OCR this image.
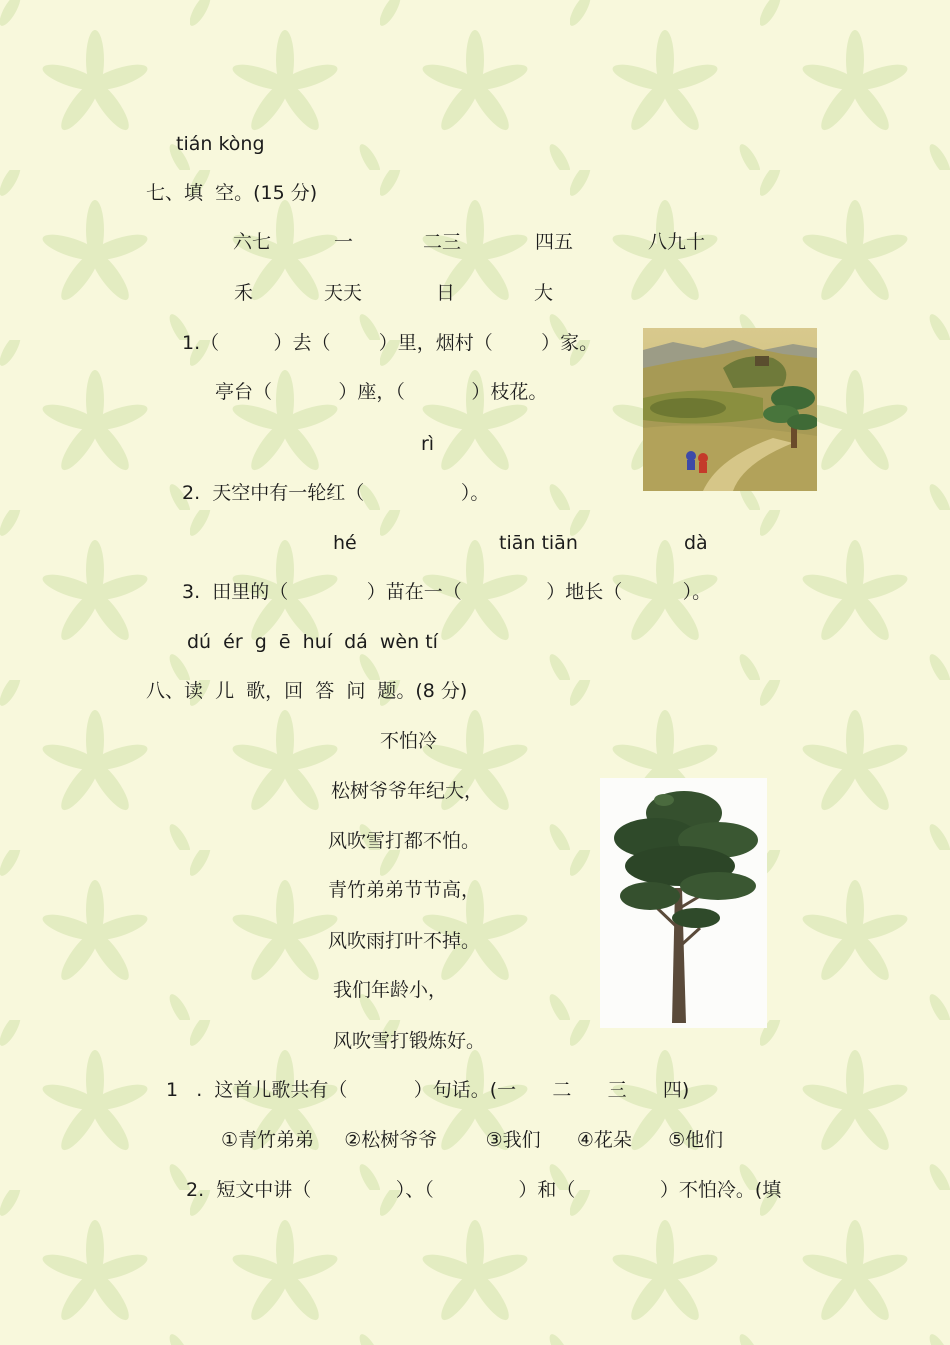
tián kòng
七、填  空。(15 分)
六七	一	二三	四五	八九十
禾	天天	日	大
1.（         ）去（        ）里，烟村（        ）家。
亭台（           ）座，（           ）枝花。
rì
2.  天空中有一轮红（                ）。
hé	tiān tiān	dà
3.  田里的（             ）苗在一（              ）地长（          ）。
dú  ér  g  ē  huí  dá  wèn tí
八、读  儿  歌，回  答  问  题。(8 分)
不怕冷
松树爷爷年纪大，
风吹雪打都不怕。
青竹弟弟节节高，
风吹雨打叶不掉。
我们年龄小，
风吹雪打锻炼好。
1   .  这首儿歌共有（           ）句话。(一      二      三      四)
①青竹弟弟     ②松树爷爷        ③我们      ④花朵      ⑤他们
2.  短文中讲（              ）、（              ）和（              ）不怕冷。(填
